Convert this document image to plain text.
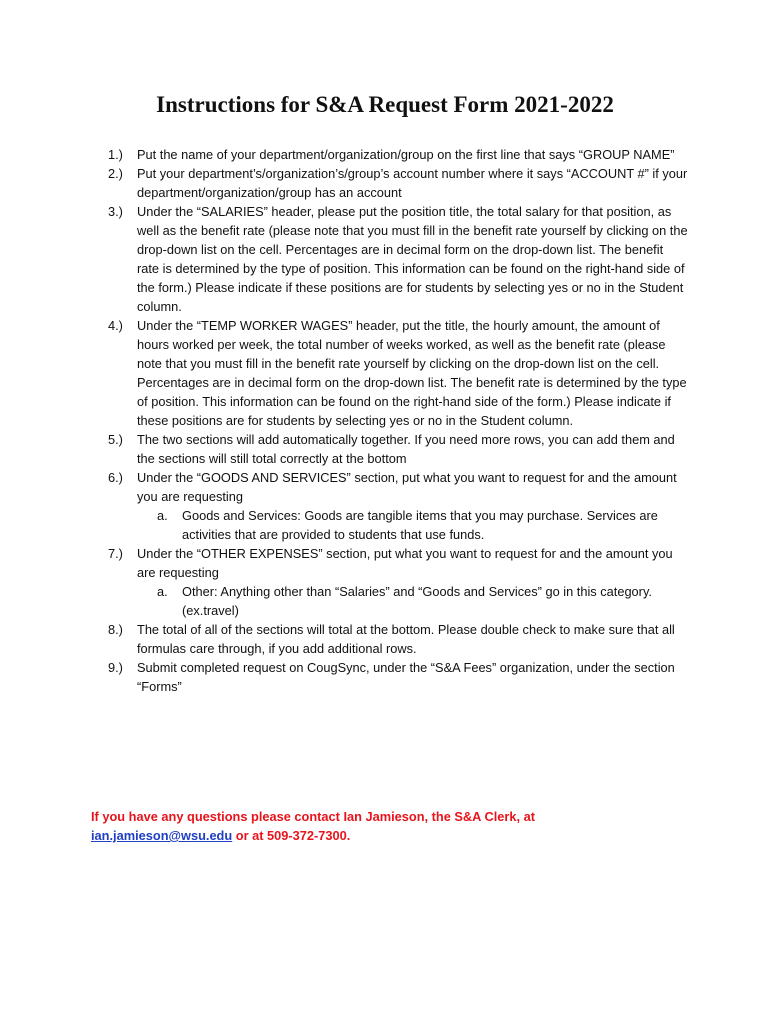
Instructions for S&A Request Form 2021-2022
1.)	Put the name of your department/organization/group on the first line that says “GROUP NAME”
2.)	Put your department’s/organization’s/group’s account number where it says “ACCOUNT #” if your department/organization/group has an account
3.)	Under the “SALARIES” header, please put the position title, the total salary for that position, as well as the benefit rate (please note that you must fill in the benefit rate yourself by clicking on the drop-down list on the cell. Percentages are in decimal form on the drop-down list. The benefit rate is determined by the type of position. This information can be found on the right-hand side of the form.) Please indicate if these positions are for students by selecting yes or no in the Student column.
4.)	Under the “TEMP WORKER WAGES” header, put the title, the hourly amount, the amount of hours worked per week, the total number of weeks worked, as well as the benefit rate (please note that you must fill in the benefit rate yourself by clicking on the drop-down list on the cell. Percentages are in decimal form on the drop-down list. The benefit rate is determined by the type of position. This information can be found on the right-hand side of the form.) Please indicate if these positions are for students by selecting yes or no in the Student column.
5.)	The two sections will add automatically together. If you need more rows, you can add them and the sections will still total correctly at the bottom
6.)	Under the “GOODS AND SERVICES” section, put what you want to request for and the amount you are requesting
a.	Goods and Services: Goods are tangible items that you may purchase. Services are activities that are provided to students that use funds.
7.)	Under the “OTHER EXPENSES” section, put what you want to request for and the amount you are requesting
a.	Other: Anything other than “Salaries” and “Goods and Services” go in this category. (ex.travel)
8.)	The total of all of the sections will total at the bottom. Please double check to make sure that all formulas care through, if you add additional rows.
9.)	Submit completed request on CougSync, under the “S&A Fees” organization, under the section “Forms”
If you have any questions please contact Ian Jamieson, the S&A Clerk, at
ian.jamieson@wsu.edu or at 509-372-7300.
